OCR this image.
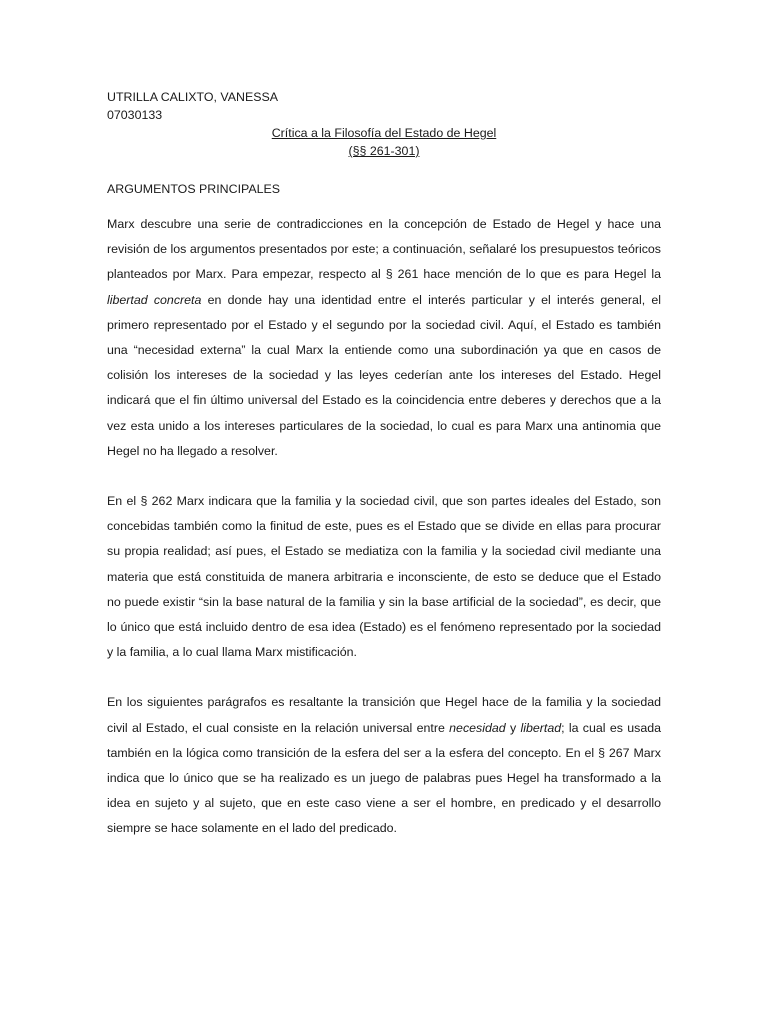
UTRILLA CALIXTO, VANESSA

07030133

Crítica a la Filosofía del Estado de Hegel

(§§ 261-301)

ARGUMENTOS PRINCIPALES

Marx descubre una serie de contradicciones en la concepción de Estado de Hegel y hace una revisión de los argumentos presentados por este; a continuación, señalaré los presupuestos teóricos planteados por Marx. Para empezar, respecto al § 261 hace mención de lo que es para Hegel la libertad concreta en donde hay una identidad entre el interés particular y el interés general, el primero representado por el Estado y el segundo por la sociedad civil. Aquí, el Estado es también una “necesidad externa” la cual Marx la entiende como una subordinación ya que en casos de colisión los intereses de la sociedad y las leyes cederían ante los intereses del Estado. Hegel indicará que el fin último universal del Estado es la coincidencia entre deberes y derechos que a la vez esta unido a los intereses particulares de la sociedad, lo cual es para Marx una antinomia que Hegel no ha llegado a resolver.

En el § 262 Marx indicara que la familia y la sociedad civil, que son partes ideales del Estado, son concebidas también como la finitud de este, pues es el Estado que se divide en ellas para procurar su propia realidad; así pues, el Estado se mediatiza con la familia y la sociedad civil mediante una materia que está constituida de manera arbitraria e inconsciente, de esto se deduce que el Estado no puede existir “sin la base natural de la familia y sin la base artificial de la sociedad”, es decir, que lo único que está incluido dentro de esa idea (Estado) es el fenómeno representado por la sociedad y la familia, a lo cual llama Marx mistificación.

En los siguientes parágrafos es resaltante la transición que Hegel hace de la familia y la sociedad civil al Estado, el cual consiste en la relación universal entre necesidad y libertad; la cual es usada también en la lógica como transición de la esfera del ser a la esfera del concepto. En el § 267 Marx indica que lo único que se ha realizado es un juego de palabras pues Hegel ha transformado a la idea en sujeto y al sujeto, que en este caso viene a ser el hombre, en predicado y el desarrollo siempre se hace solamente en el lado del predicado.
